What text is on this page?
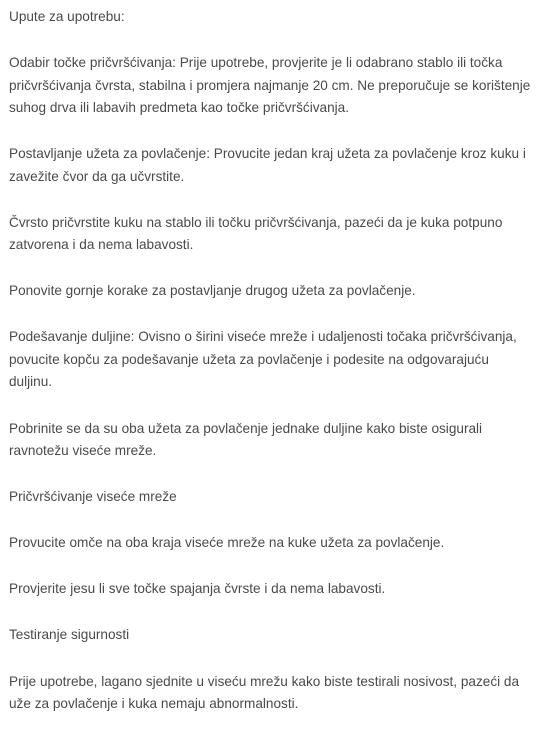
Upute za upotrebu:

Odabir točke pričvršćivanja: Prije upotrebe, provjerite je li odabrano stablo ili točka pričvršćivanja čvrsta, stabilna i promjera najmanje 20 cm. Ne preporučuje se korištenje suhog drva ili labavih predmeta kao točke pričvršćivanja.

Postavljanje užeta za povlačenje: Provucite jedan kraj užeta za povlačenje kroz kuku i zavežite čvor da ga učvrstite.

Čvrsto pričvrstite kuku na stablo ili točku pričvršćivanja, pazeći da je kuka potpuno zatvorena i da nema labavosti.

Ponovite gornje korake za postavljanje drugog užeta za povlačenje.

Podešavanje duljine: Ovisno o širini viseće mreže i udaljenosti točaka pričvršćivanja, povucite kopču za podešavanje užeta za povlačenje i podesite na odgovarajuću duljinu.

Pobrinite se da su oba užeta za povlačenje jednake duljine kako biste osigurali ravnotežu viseće mreže.

Pričvršćivanje viseće mreže

Provucite omče na oba kraja viseće mreže na kuke užeta za povlačenje.

Provjerite jesu li sve točke spajanja čvrste i da nema labavosti.

Testiranje sigurnosti

Prije upotrebe, lagano sjednite u viseću mrežu kako biste testirali nosivost, pazeći da uže za povlačenje i kuka nemaju abnormalnosti.
